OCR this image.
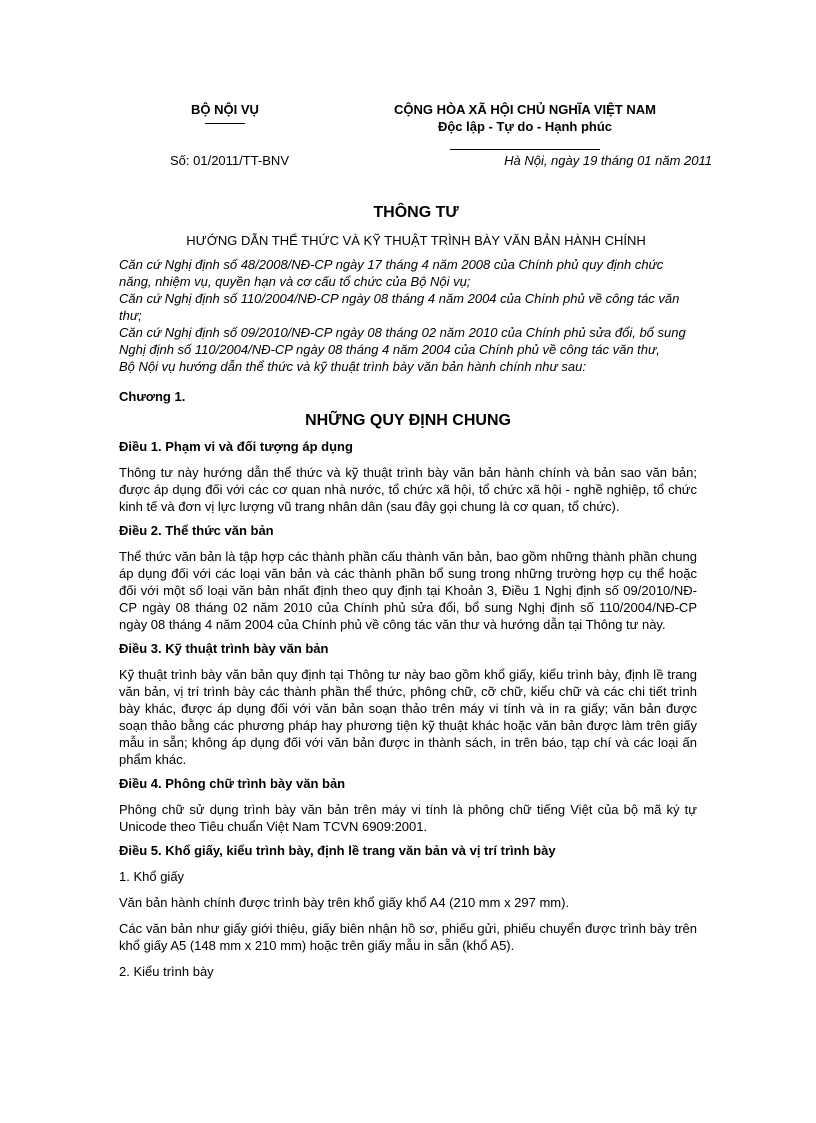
BỘ NỘI VỤ	CỘNG HÒA XÃ HỘI CHỦ NGHĨA VIỆT NAM
Độc lập - Tự do - Hạnh phúc
Số: 01/2011/TT-BNV	Hà Nội, ngày 19 tháng 01 năm 2011
THÔNG TƯ
HƯỚNG DẪN THỂ THỨC VÀ KỸ THUẬT TRÌNH BÀY VĂN BẢN HÀNH CHÍNH

Căn cứ Nghị định số 48/2008/NĐ-CP ngày 17 tháng 4 năm 2008 của Chính phủ quy định chức năng, nhiệm vụ, quyền hạn và cơ cấu tổ chức của Bộ Nội vụ;

Căn cứ Nghị định số 110/2004/NĐ-CP ngày 08 tháng 4 năm 2004 của Chính phủ về công tác văn thư;

Căn cứ Nghị định số 09/2010/NĐ-CP ngày 08 tháng 02 năm 2010 của Chính phủ sửa đổi, bổ sung Nghị định số 110/2004/NĐ-CP ngày 08 tháng 4 năm 2004 của Chính phủ về công tác văn thư,

Bộ Nội vụ hướng dẫn thể thức và kỹ thuật trình bày văn bản hành chính như sau:

Chương 1.

NHỮNG QUY ĐỊNH CHUNG

Điều 1. Phạm vi và đối tượng áp dụng

Thông tư này hướng dẫn thể thức và kỹ thuật trình bày văn bản hành chính và bản sao văn bản; được áp dụng đối với các cơ quan nhà nước, tổ chức xã hội, tổ chức xã hội - nghề nghiệp, tổ chức kinh tế và đơn vị lực lượng vũ trang nhân dân (sau đây gọi chung là cơ quan, tổ chức).

Điều 2. Thể thức văn bản

Thể thức văn bản là tập hợp các thành phần cấu thành văn bản, bao gồm những thành phần chung áp dụng đối với các loại văn bản và các thành phần bổ sung trong những trường hợp cụ thể hoặc đối với một số loại văn bản nhất định theo quy định tại Khoản 3, Điều 1 Nghị định số 09/2010/NĐ-CP ngày 08 tháng 02 năm 2010 của Chính phủ sửa đổi, bổ sung Nghị định số 110/2004/NĐ-CP ngày 08 tháng 4 năm 2004 của Chính phủ về công tác văn thư và hướng dẫn tại Thông tư này.

Điều 3. Kỹ thuật trình bày văn bản

Kỹ thuật trình bày văn bản quy định tại Thông tư này bao gồm khổ giấy, kiểu trình bày, định lề trang văn bản, vị trí trình bày các thành phần thể thức, phông chữ, cỡ chữ, kiểu chữ và các chi tiết trình bày khác, được áp dụng đối với văn bản soạn thảo trên máy vi tính và in ra giấy; văn bản được soạn thảo bằng các phương pháp hay phương tiện kỹ thuật khác hoặc văn bản được làm trên giấy mẫu in sẵn; không áp dụng đối với văn bản được in thành sách, in trên báo, tạp chí và các loại ấn phẩm khác.

Điều 4. Phông chữ trình bày văn bản

Phông chữ sử dụng trình bày văn bản trên máy vi tính là phông chữ tiếng Việt của bộ mã ký tự Unicode theo Tiêu chuẩn Việt Nam TCVN 6909:2001.

Điều 5. Khổ giấy, kiểu trình bày, định lề trang văn bản và vị trí trình bày

1. Khổ giấy

Văn bản hành chính được trình bày trên khổ giấy khổ A4 (210 mm x 297 mm).

Các văn bản như giấy giới thiệu, giấy biên nhận hồ sơ, phiếu gửi, phiếu chuyển được trình bày trên khổ giấy A5 (148 mm x 210 mm) hoặc trên giấy mẫu in sẵn (khổ A5).

2. Kiểu trình bày
